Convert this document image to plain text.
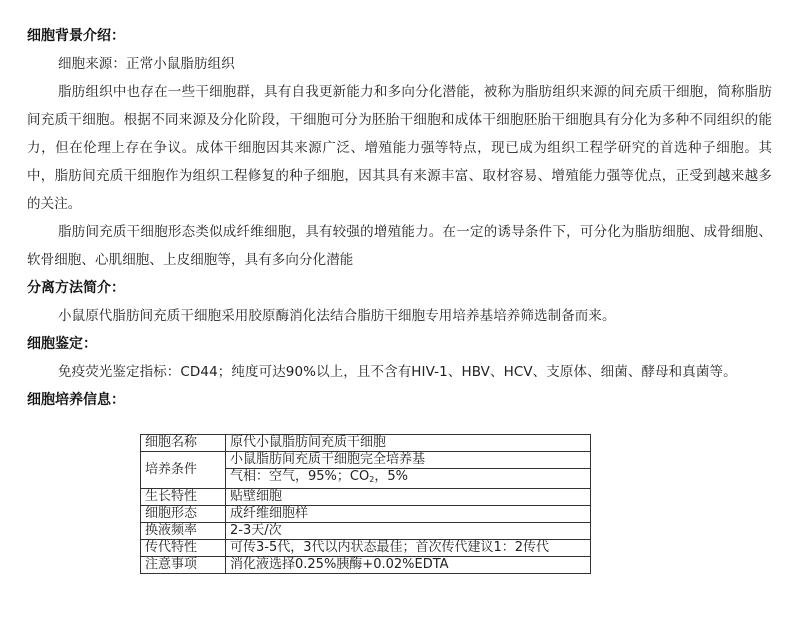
细胞背景介绍：

细胞来源：正常小鼠脂肪组织

脂肪组织中也存在一些干细胞群，具有自我更新能力和多向分化潜能，被称为脂肪组织来源的间充质干细胞，简称脂肪间充质干细胞。根据不同来源及分化阶段，干细胞可分为胚胎干细胞和成体干细胞胚胎干细胞具有分化为多种不同组织的能力，但在伦理上存在争议。成体干细胞因其来源广泛、增殖能力强等特点，现已成为组织工程学研究的首选种子细胞。其中，脂肪间充质干细胞作为组织工程修复的种子细胞，因其具有来源丰富、取材容易、增殖能力强等优点，正受到越来越多的关注。

脂肪间充质干细胞形态类似成纤维细胞，具有较强的增殖能力。在一定的诱导条件下，可分化为脂肪细胞、成骨细胞、软骨细胞、心肌细胞、上皮细胞等，具有多向分化潜能

分离方法简介：

小鼠原代脂肪间充质干细胞采用胶原酶消化法结合脂肪干细胞专用培养基培养筛选制备而来。

细胞鉴定：

免疫荧光鉴定指标：CD44；纯度可达90%以上，且不含有HIV-1、HBV、HCV、支原体、细菌、酵母和真菌等。

细胞培养信息：

细胞名称	原代小鼠脂肪间充质干细胞
培养条件	小鼠脂肪间充质干细胞完全培养基
	气相：空气，95%；CO2，5%
生长特性	贴壁细胞
细胞形态	成纤维细胞样
换液频率	2-3天/次
传代特性	可传3-5代，3代以内状态最佳；首次传代建议1：2传代
注意事项	消化液选择0.25%胰酶+0.02%EDTA
